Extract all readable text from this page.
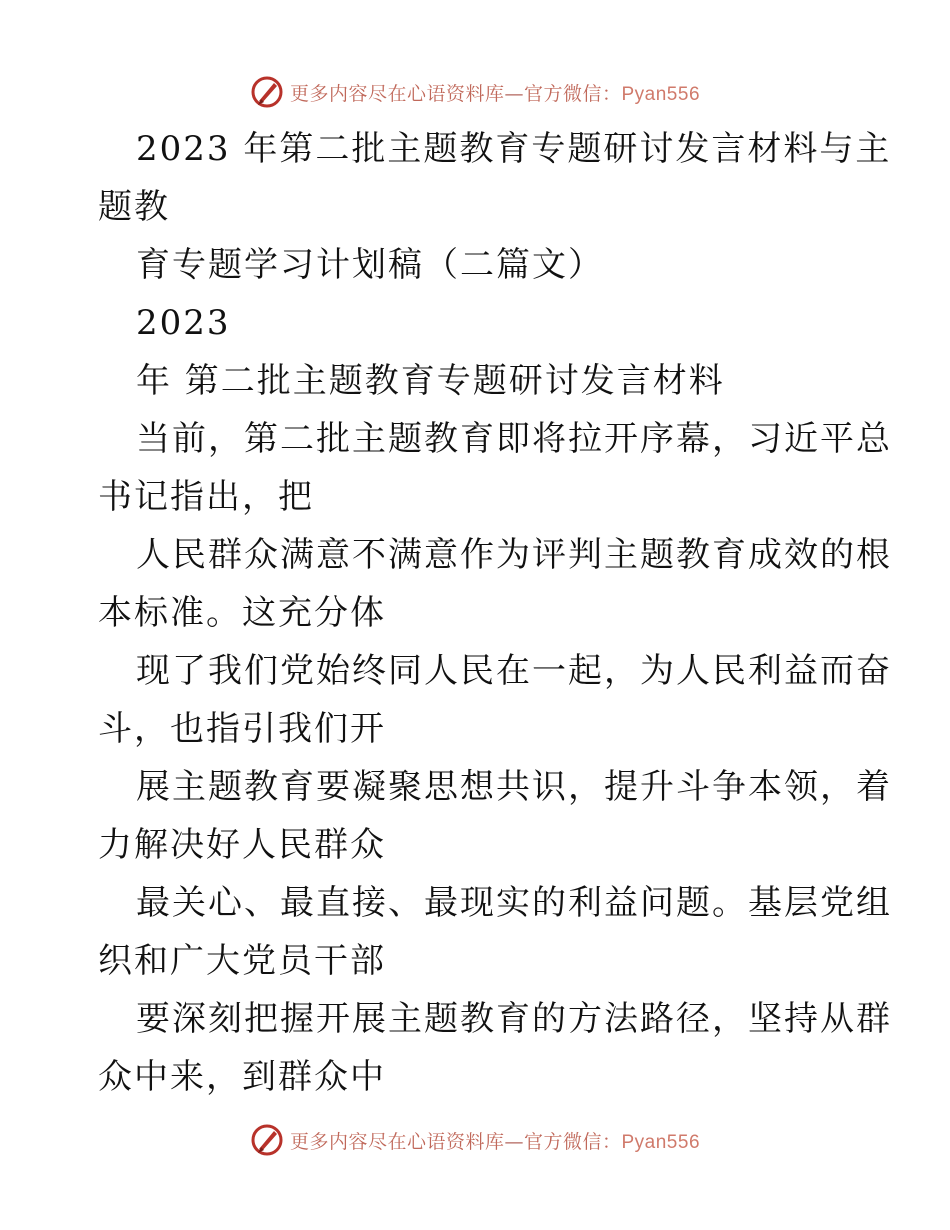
更多内容尽在心语资料库—官方微信：Pyan556
2023 年第二批主题教育专题研讨发言材料与主
题教
育专题学习计划稿（二篇文）
2023
年 第二批主题教育专题研讨发言材料
当前，第二批主题教育即将拉开序幕，习近平总
书记指出，把
人民群众满意不满意作为评判主题教育成效的根
本标准。这充分体
现了我们党始终同人民在一起，为人民利益而奋
斗，也指引我们开
展主题教育要凝聚思想共识，提升斗争本领，着
力解决好人民群众
最关心、最直接、最现实的利益问题。基层党组
织和广大党员干部
要深刻把握开展主题教育的方法路径，坚持从群
众中来，到群众中
更多内容尽在心语资料库—官方微信：Pyan556
